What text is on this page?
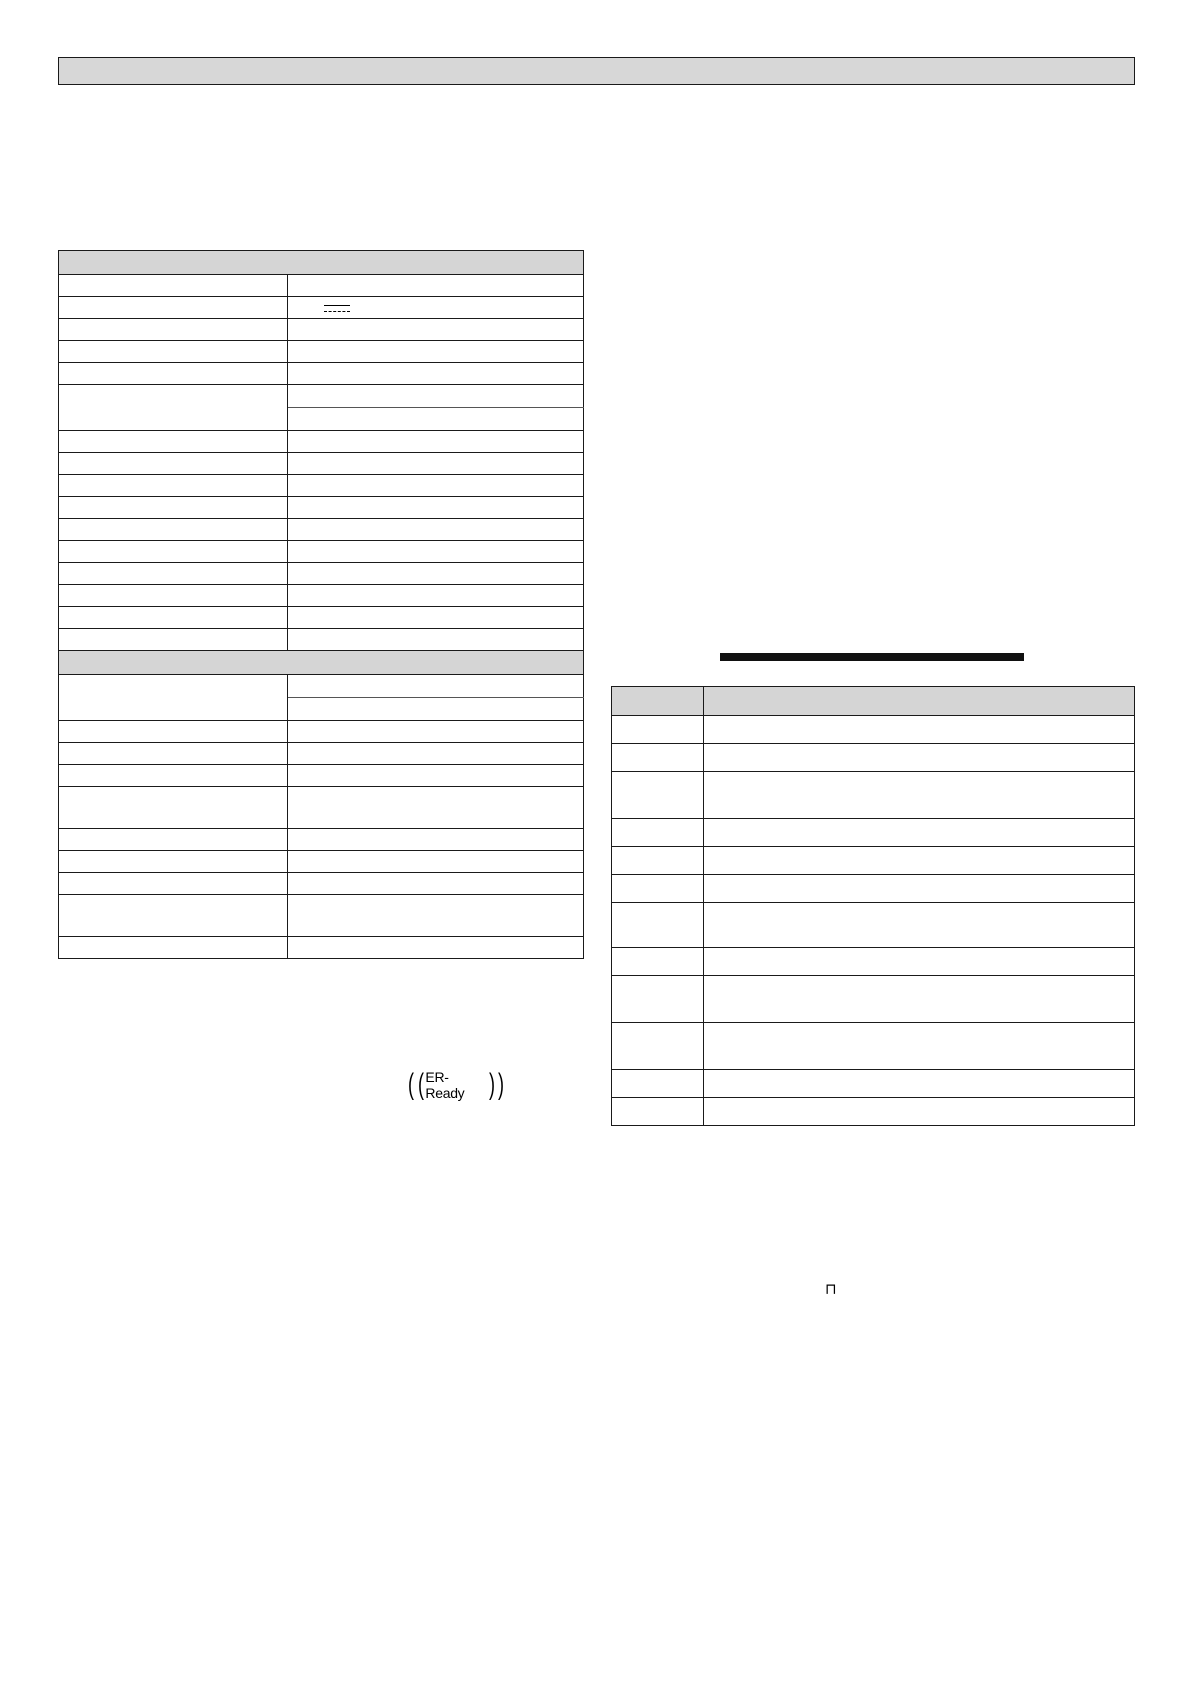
( ( ER-Ready ) )

⊓
